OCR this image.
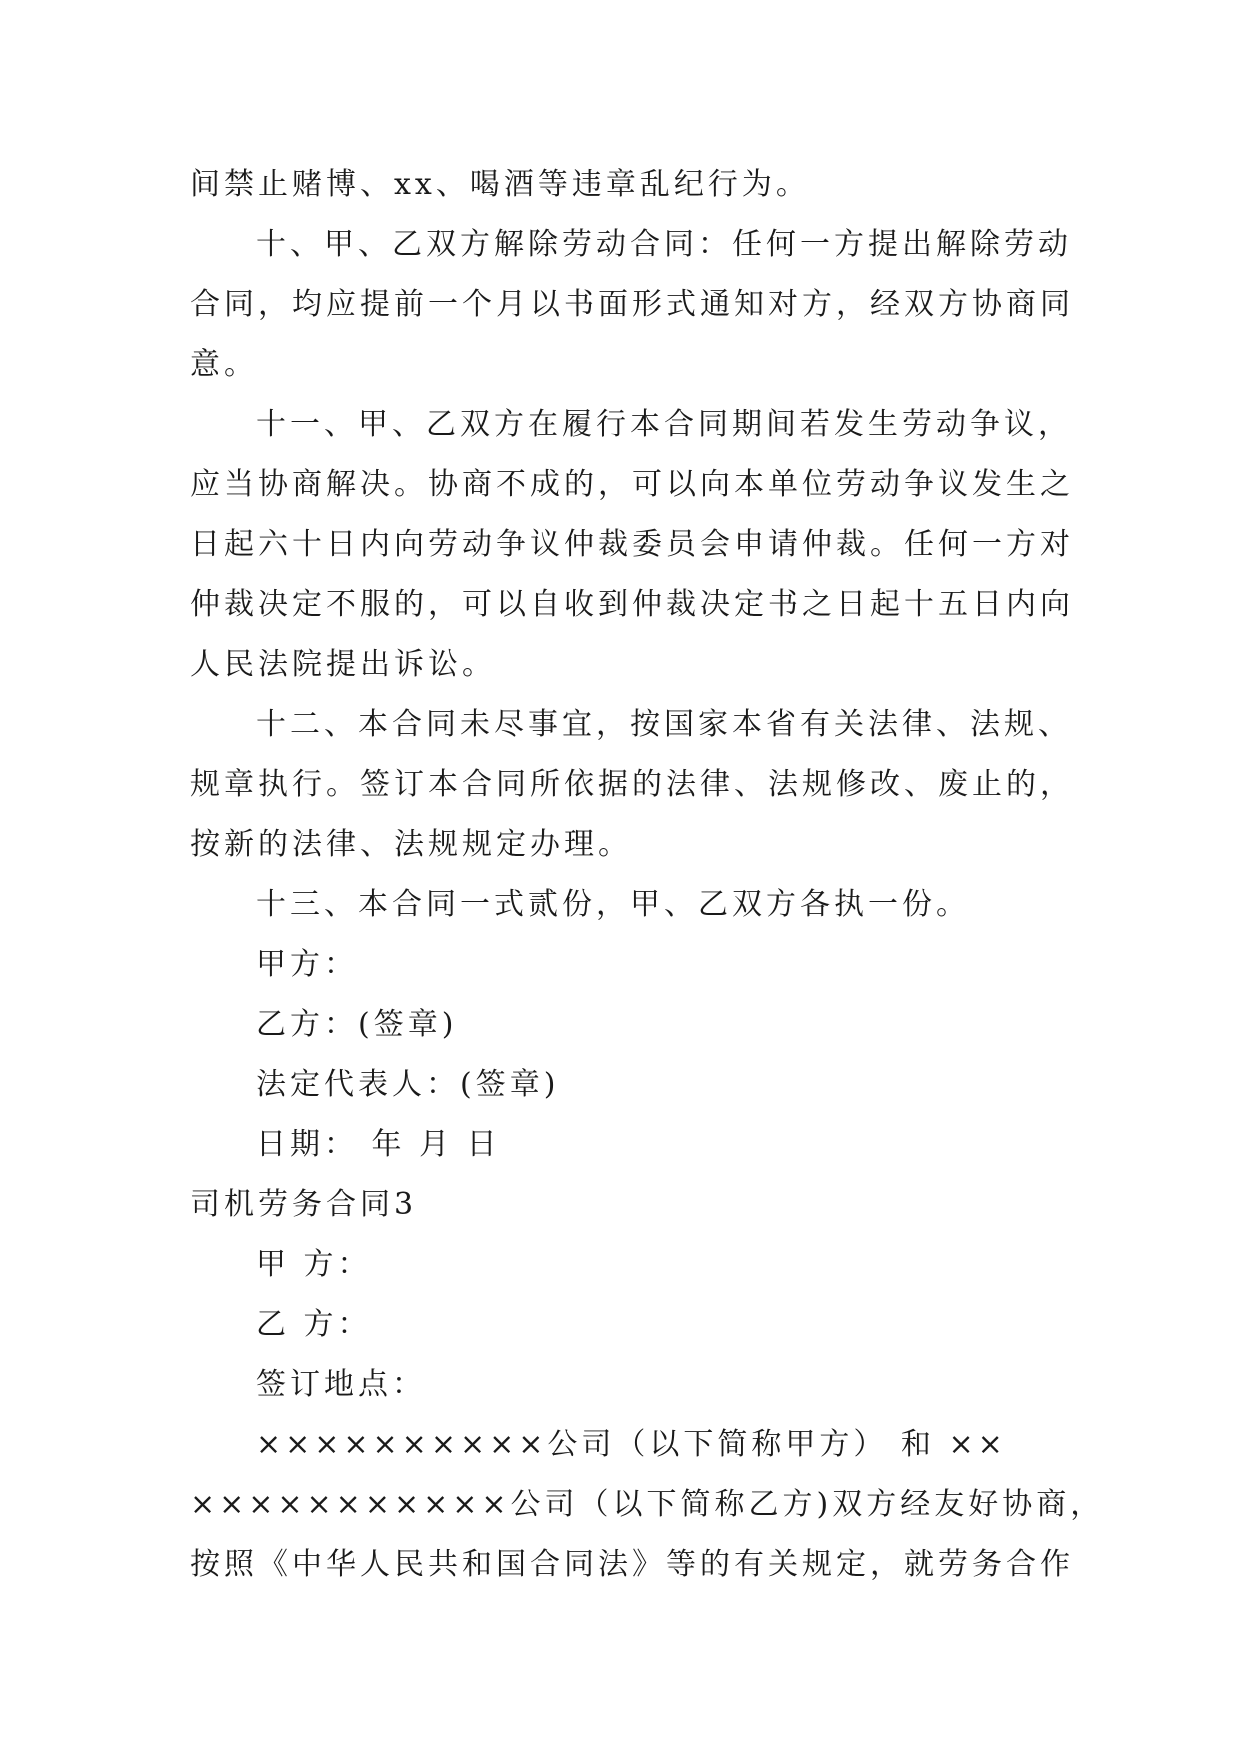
间禁止赌博、xx、喝酒等违章乱纪行为。
十、甲、乙双方解除劳动合同：任何一方提出解除劳动
合同，均应提前一个月以书面形式通知对方，经双方协商同
意。
十一、甲、乙双方在履行本合同期间若发生劳动争议，
应当协商解决。协商不成的，可以向本单位劳动争议发生之
日起六十日内向劳动争议仲裁委员会申请仲裁。任何一方对
仲裁决定不服的，可以自收到仲裁决定书之日起十五日内向
人民法院提出诉讼。
十二、本合同未尽事宜，按国家本省有关法律、法规、
规章执行。签订本合同所依据的法律、法规修改、废止的，
按新的法律、法规规定办理。
十三、本合同一式贰份，甲、乙双方各执一份。
甲方：
乙方：(签章)
法定代表人：(签章)
日期： 年 月 日
司机劳务合同3
甲 方：
乙 方：
签订地点：
××××××××××公司（以下简称甲方） 和 ××
×××××××××××公司（以下简称乙方)双方经友好协商，
按照《中华人民共和国合同法》等的有关规定，就劳务合作
